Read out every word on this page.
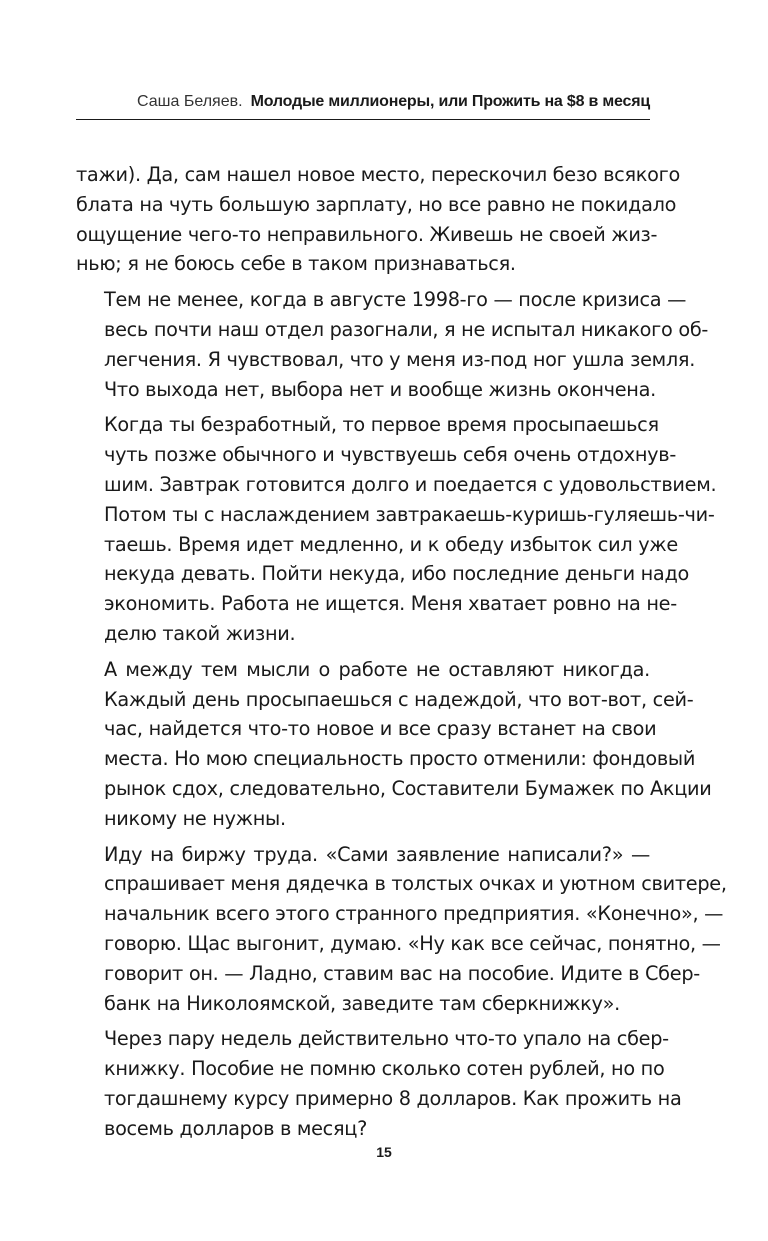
Саша Беляев. Молодые миллионеры, или Прожить на $8 в месяц

тажи). Да, сам нашел новое место, перескочил безо всякого
блата на чуть большую зарплату, но все равно не покидало
ощущение чего-то неправильного. Живешь не своей жиз-
нью; я не боюсь себе в таком признаваться.

Тем не менее, когда в августе 1998-го — после кризиса —
весь почти наш отдел разогнали, я не испытал никакого об-
легчения. Я чувствовал, что у меня из-под ног ушла земля.
Что выхода нет, выбора нет и вообще жизнь окончена.

Когда ты безработный, то первое время просыпаешься
чуть позже обычного и чувствуешь себя очень отдохнув-
шим. Завтрак готовится долго и поедается с удовольствием.
Потом ты с наслаждением завтракаешь-куришь-гуляешь-чи-
таешь. Время идет медленно, и к обеду избыток сил уже
некуда девать. Пойти некуда, ибо последние деньги надо
экономить. Работа не ищется. Меня хватает ровно на не-
делю такой жизни.

А между тем мысли о работе не оставляют никогда.
Каждый день просыпаешься с надеждой, что вот-вот, сей-
час, найдется что-то новое и все сразу встанет на свои
места. Но мою специальность просто отменили: фондовый
рынок сдох, следовательно, Составители Бумажек по Акции
никому не нужны.

Иду на биржу труда. «Сами заявление написали?» —
спрашивает меня дядечка в толстых очках и уютном свитере,
начальник всего этого странного предприятия. «Конечно», —
говорю. Щас выгонит, думаю. «Ну как все сейчас, понятно, —
говорит он. — Ладно, ставим вас на пособие. Идите в Сбер-
банк на Николоямской, заведите там сберкнижку».

Через пару недель действительно что-то упало на сбер-
книжку. Пособие не помню сколько сотен рублей, но по
тогдашнему курсу примерно 8 долларов. Как прожить на
восемь долларов в месяц?

15
